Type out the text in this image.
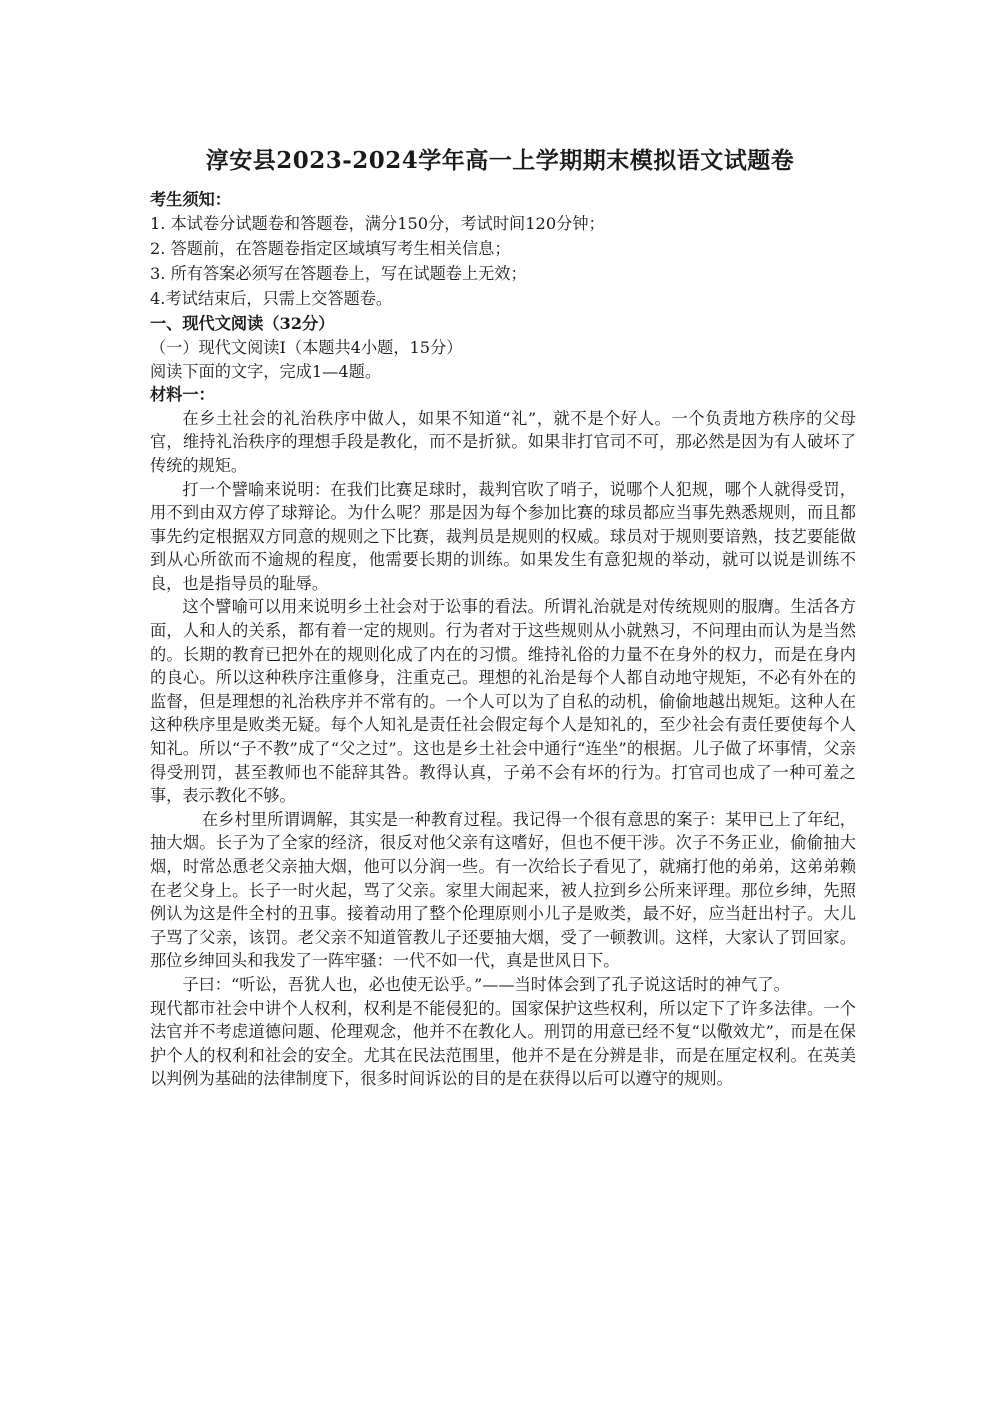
淳安县2023-2024学年高一上学期期末模拟语文试题卷

考生须知：

1. 本试卷分试题卷和答题卷，满分150分，考试时间120分钟；

2. 答题前，在答题卷指定区域填写考生相关信息；

3. 所有答案必须写在答题卷上，写在试题卷上无效；

4.考试结束后，只需上交答题卷。

一、现代文阅读（32分）

（一）现代文阅读Ⅰ（本题共4小题，15分）

阅读下面的文字，完成1—4题。

材料一：

在乡土社会的礼治秩序中做人，如果不知道“礼”，就不是个好人。一个负责地方秩序的父母官，维持礼治秩序的理想手段是教化，而不是折狱。如果非打官司不可，那必然是因为有人破坏了传统的规矩。

打一个譬喻来说明：在我们比赛足球时，裁判官吹了哨子，说哪个人犯规，哪个人就得受罚，用不到由双方停了球辩论。为什么呢？那是因为每个参加比赛的球员都应当事先熟悉规则，而且都事先约定根据双方同意的规则之下比赛，裁判员是规则的权威。球员对于规则要谙熟，技艺要能做到从心所欲而不逾规的程度，他需要长期的训练。如果发生有意犯规的举动，就可以说是训练不良，也是指导员的耻辱。

这个譬喻可以用来说明乡土社会对于讼事的看法。所谓礼治就是对传统规则的服膺。生活各方面，人和人的关系，都有着一定的规则。行为者对于这些规则从小就熟习，不问理由而认为是当然的。长期的教育已把外在的规则化成了内在的习惯。维持礼俗的力量不在身外的权力，而是在身内的良心。所以这种秩序注重修身，注重克己。理想的礼治是每个人都自动地守规矩，不必有外在的监督，但是理想的礼治秩序并不常有的。一个人可以为了自私的动机，偷偷地越出规矩。这种人在这种秩序里是败类无疑。每个人知礼是责任社会假定每个人是知礼的，至少社会有责任要使每个人知礼。所以“子不教”成了“父之过”。这也是乡土社会中通行“连坐”的根据。儿子做了坏事情，父亲得受刑罚，甚至教师也不能辞其咎。教得认真，子弟不会有坏的行为。打官司也成了一种可羞之事，表示教化不够。

在乡村里所谓调解，其实是一种教育过程。我记得一个很有意思的案子：某甲已上了年纪，抽大烟。长子为了全家的经济，很反对他父亲有这嗜好，但也不便干涉。次子不务正业，偷偷抽大烟，时常怂恿老父亲抽大烟，他可以分润一些。有一次给长子看见了，就痛打他的弟弟，这弟弟赖在老父身上。长子一时火起，骂了父亲。家里大闹起来，被人拉到乡公所来评理。那位乡绅，先照例认为这是件全村的丑事。接着动用了整个伦理原则小儿子是败类，最不好，应当赶出村子。大儿子骂了父亲，该罚。老父亲不知道管教儿子还要抽大烟，受了一顿教训。这样，大家认了罚回家。那位乡绅回头和我发了一阵牢骚：一代不如一代，真是世风日下。

子曰：“听讼，吾犹人也，必也使无讼乎。”——当时体会到了孔子说这话时的神气了。

现代都市社会中讲个人权利，权利是不能侵犯的。国家保护这些权利，所以定下了许多法律。一个法官并不考虑道德问题、伦理观念，他并不在教化人。刑罚的用意已经不复“以儆效尤”，而是在保护个人的权利和社会的安全。尤其在民法范围里，他并不是在分辨是非，而是在厘定权利。在英美以判例为基础的法律制度下，很多时间诉讼的目的是在获得以后可以遵守的规则。
